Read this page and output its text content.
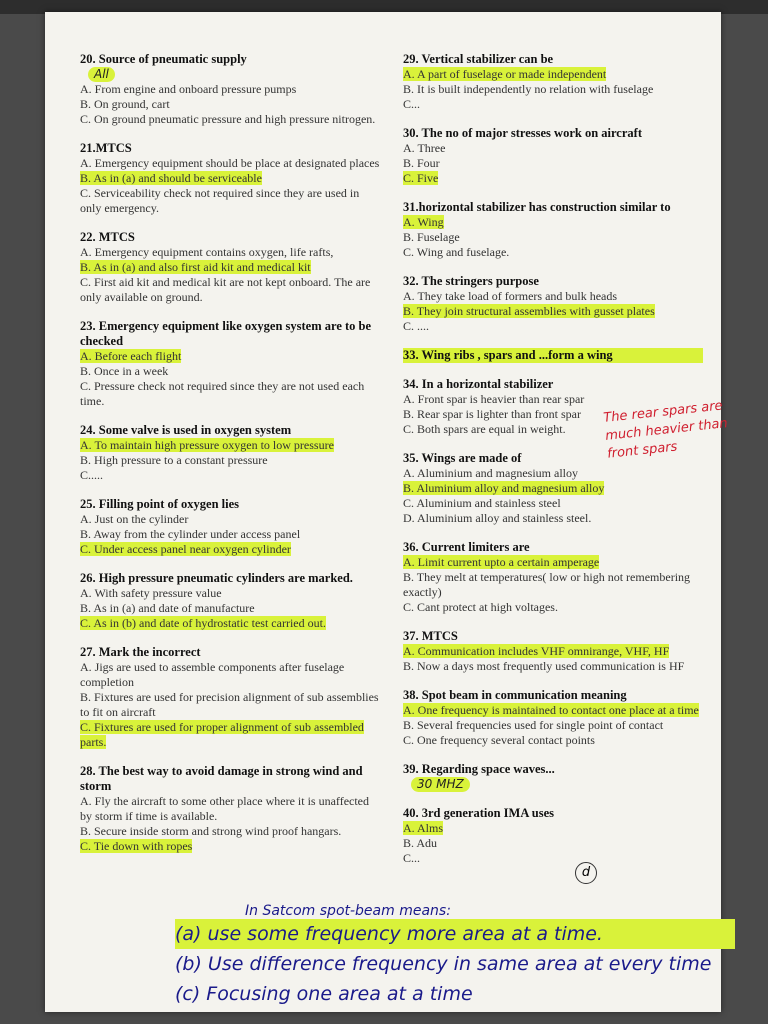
20. Source of pneumatic supply
All
A. From engine and onboard pressure pumps
B. On ground, cart
C. On ground pneumatic pressure and high pressure nitrogen.
21.MTCS
A. Emergency equipment should be place at designated places
B. As in (a) and should be serviceable
C. Serviceability check not required since they are used in only emergency.
22. MTCS
A. Emergency equipment contains oxygen, life rafts,
B. As in (a) and also first aid kit and medical kit
C. First aid kit and medical kit are not kept onboard. The are only available on ground.
23. Emergency equipment like oxygen system are to be checked
A. Before each flight
B. Once in a week
C. Pressure check not required since they are not used each time.
24. Some valve is used in oxygen system
A. To maintain high pressure oxygen to low pressure
B. High pressure to a constant pressure
C.....
25. Filling point of oxygen lies
A. Just on the cylinder
B. Away from the cylinder under access panel
C. Under access panel near oxygen cylinder
26. High pressure pneumatic cylinders are marked.
A. With safety pressure value
B. As in (a) and date of manufacture
C. As in (b) and date of hydrostatic test carried out.
27. Mark the incorrect
A. Jigs are used to assemble components after fuselage completion
B. Fixtures are used for precision alignment of sub assemblies to fit on aircraft
C. Fixtures are used for proper alignment of sub assembled parts.
28. The best way to avoid damage in strong wind and storm
A. Fly the aircraft to some other place where it is unaffected by storm if time is available.
B. Secure inside storm and strong wind proof hangars.
C. Tie down with ropes
29. Vertical stabilizer can be
A. A part of fuselage or made independent
B. It is built independently no relation with fuselage
C...
30. The no of major stresses work on aircraft
A. Three
B. Four
C. Five
31.horizontal stabilizer has construction similar to
A. Wing
B. Fuselage
C. Wing and fuselage.
32. The stringers purpose
A. They take load of formers and bulk heads
B. They join structural assemblies with gusset plates
C. ....
33. Wing ribs , spars and ...form a wing
34. In a horizontal stabilizer
A. Front spar is heavier than rear spar
B. Rear spar is lighter than front spar
C. Both spars are equal in weight.
35. Wings are made of
A. Aluminium and magnesium alloy
B. Aluminium alloy and magnesium alloy
C. Aluminium and stainless steel
D. Aluminium alloy and stainless steel.
36. Current limiters are
A. Limit current upto a certain amperage
B. They melt at temperatures( low or high not remembering exactly)
C. Cant protect at high voltages.
37. MTCS
A. Communication includes VHF omnirange, VHF, HF
B. Now a days most frequently used communication is HF
38. Spot beam in communication meaning
A. One frequency is maintained to contact one place at a time
B. Several frequencies used for single point of contact
C. One frequency several contact points
39. Regarding space waves...
30 MHZ
40. 3rd generation IMA uses
A. Alms
B. Adu
C...
The rear spars are much heavier than front spars
d
In Satcom spot-beam means:
(a) use some frequency more area at a time.
(b) Use difference frequency in same area at every time
(c) Focusing one area at a time
